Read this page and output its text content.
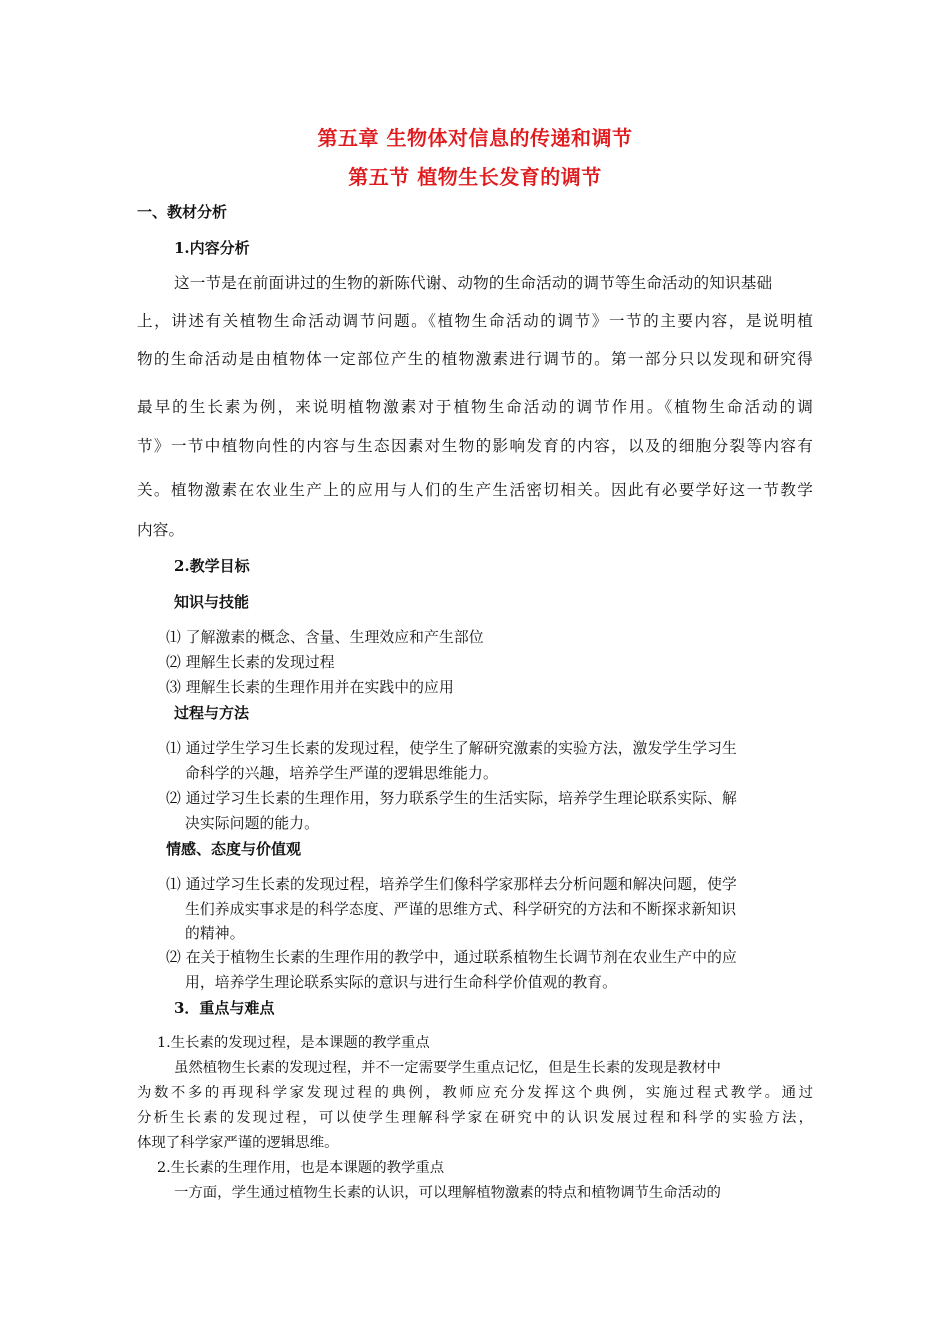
第五章 生物体对信息的传递和调节
第五节 植物生长发育的调节
一、教材分析
1.内容分析
这一节是在前面讲过的生物的新陈代谢、动物的生命活动的调节等生命活动的知识基础
上，讲述有关植物生命活动调节问题。《植物生命活动的调节》一节的主要内容，是说明植
物的生命活动是由植物体一定部位产生的植物激素进行调节的。第一部分只以发现和研究得
最早的生长素为例，来说明植物激素对于植物生命活动的调节作用。《植物生命活动的调
节》一节中植物向性的内容与生态因素对生物的影响发育的内容，以及的细胞分裂等内容有
关。植物激素在农业生产上的应用与人们的生产生活密切相关。因此有必要学好这一节教学
内容。
2.教学目标
知识与技能
⑴ 了解激素的概念、含量、生理效应和产生部位
⑵ 理解生长素的发现过程
⑶ 理解生长素的生理作用并在实践中的应用
过程与方法
⑴ 通过学生学习生长素的发现过程，使学生了解研究激素的实验方法，激发学生学习生
命科学的兴趣，培养学生严谨的逻辑思维能力。
⑵ 通过学习生长素的生理作用，努力联系学生的生活实际，培养学生理论联系实际、解
决实际问题的能力。
情感、态度与价值观
⑴ 通过学习生长素的发现过程，培养学生们像科学家那样去分析问题和解决问题，使学
生们养成实事求是的科学态度、严谨的思维方式、科学研究的方法和不断探求新知识
的精神。
⑵ 在关于植物生长素的生理作用的教学中，通过联系植物生长调节剂在农业生产中的应
用，培养学生理论联系实际的意识与进行生命科学价值观的教育。
3．重点与难点
1.生长素的发现过程，是本课题的教学重点
虽然植物生长素的发现过程，并不一定需要学生重点记忆，但是生长素的发现是教材中
为数不多的再现科学家发现过程的典例，教师应充分发挥这个典例，实施过程式教学。通过
分析生长素的发现过程，可以使学生理解科学家在研究中的认识发展过程和科学的实验方法，
体现了科学家严谨的逻辑思维。
2.生长素的生理作用，也是本课题的教学重点
一方面，学生通过植物生长素的认识，可以理解植物激素的特点和植物调节生命活动的
